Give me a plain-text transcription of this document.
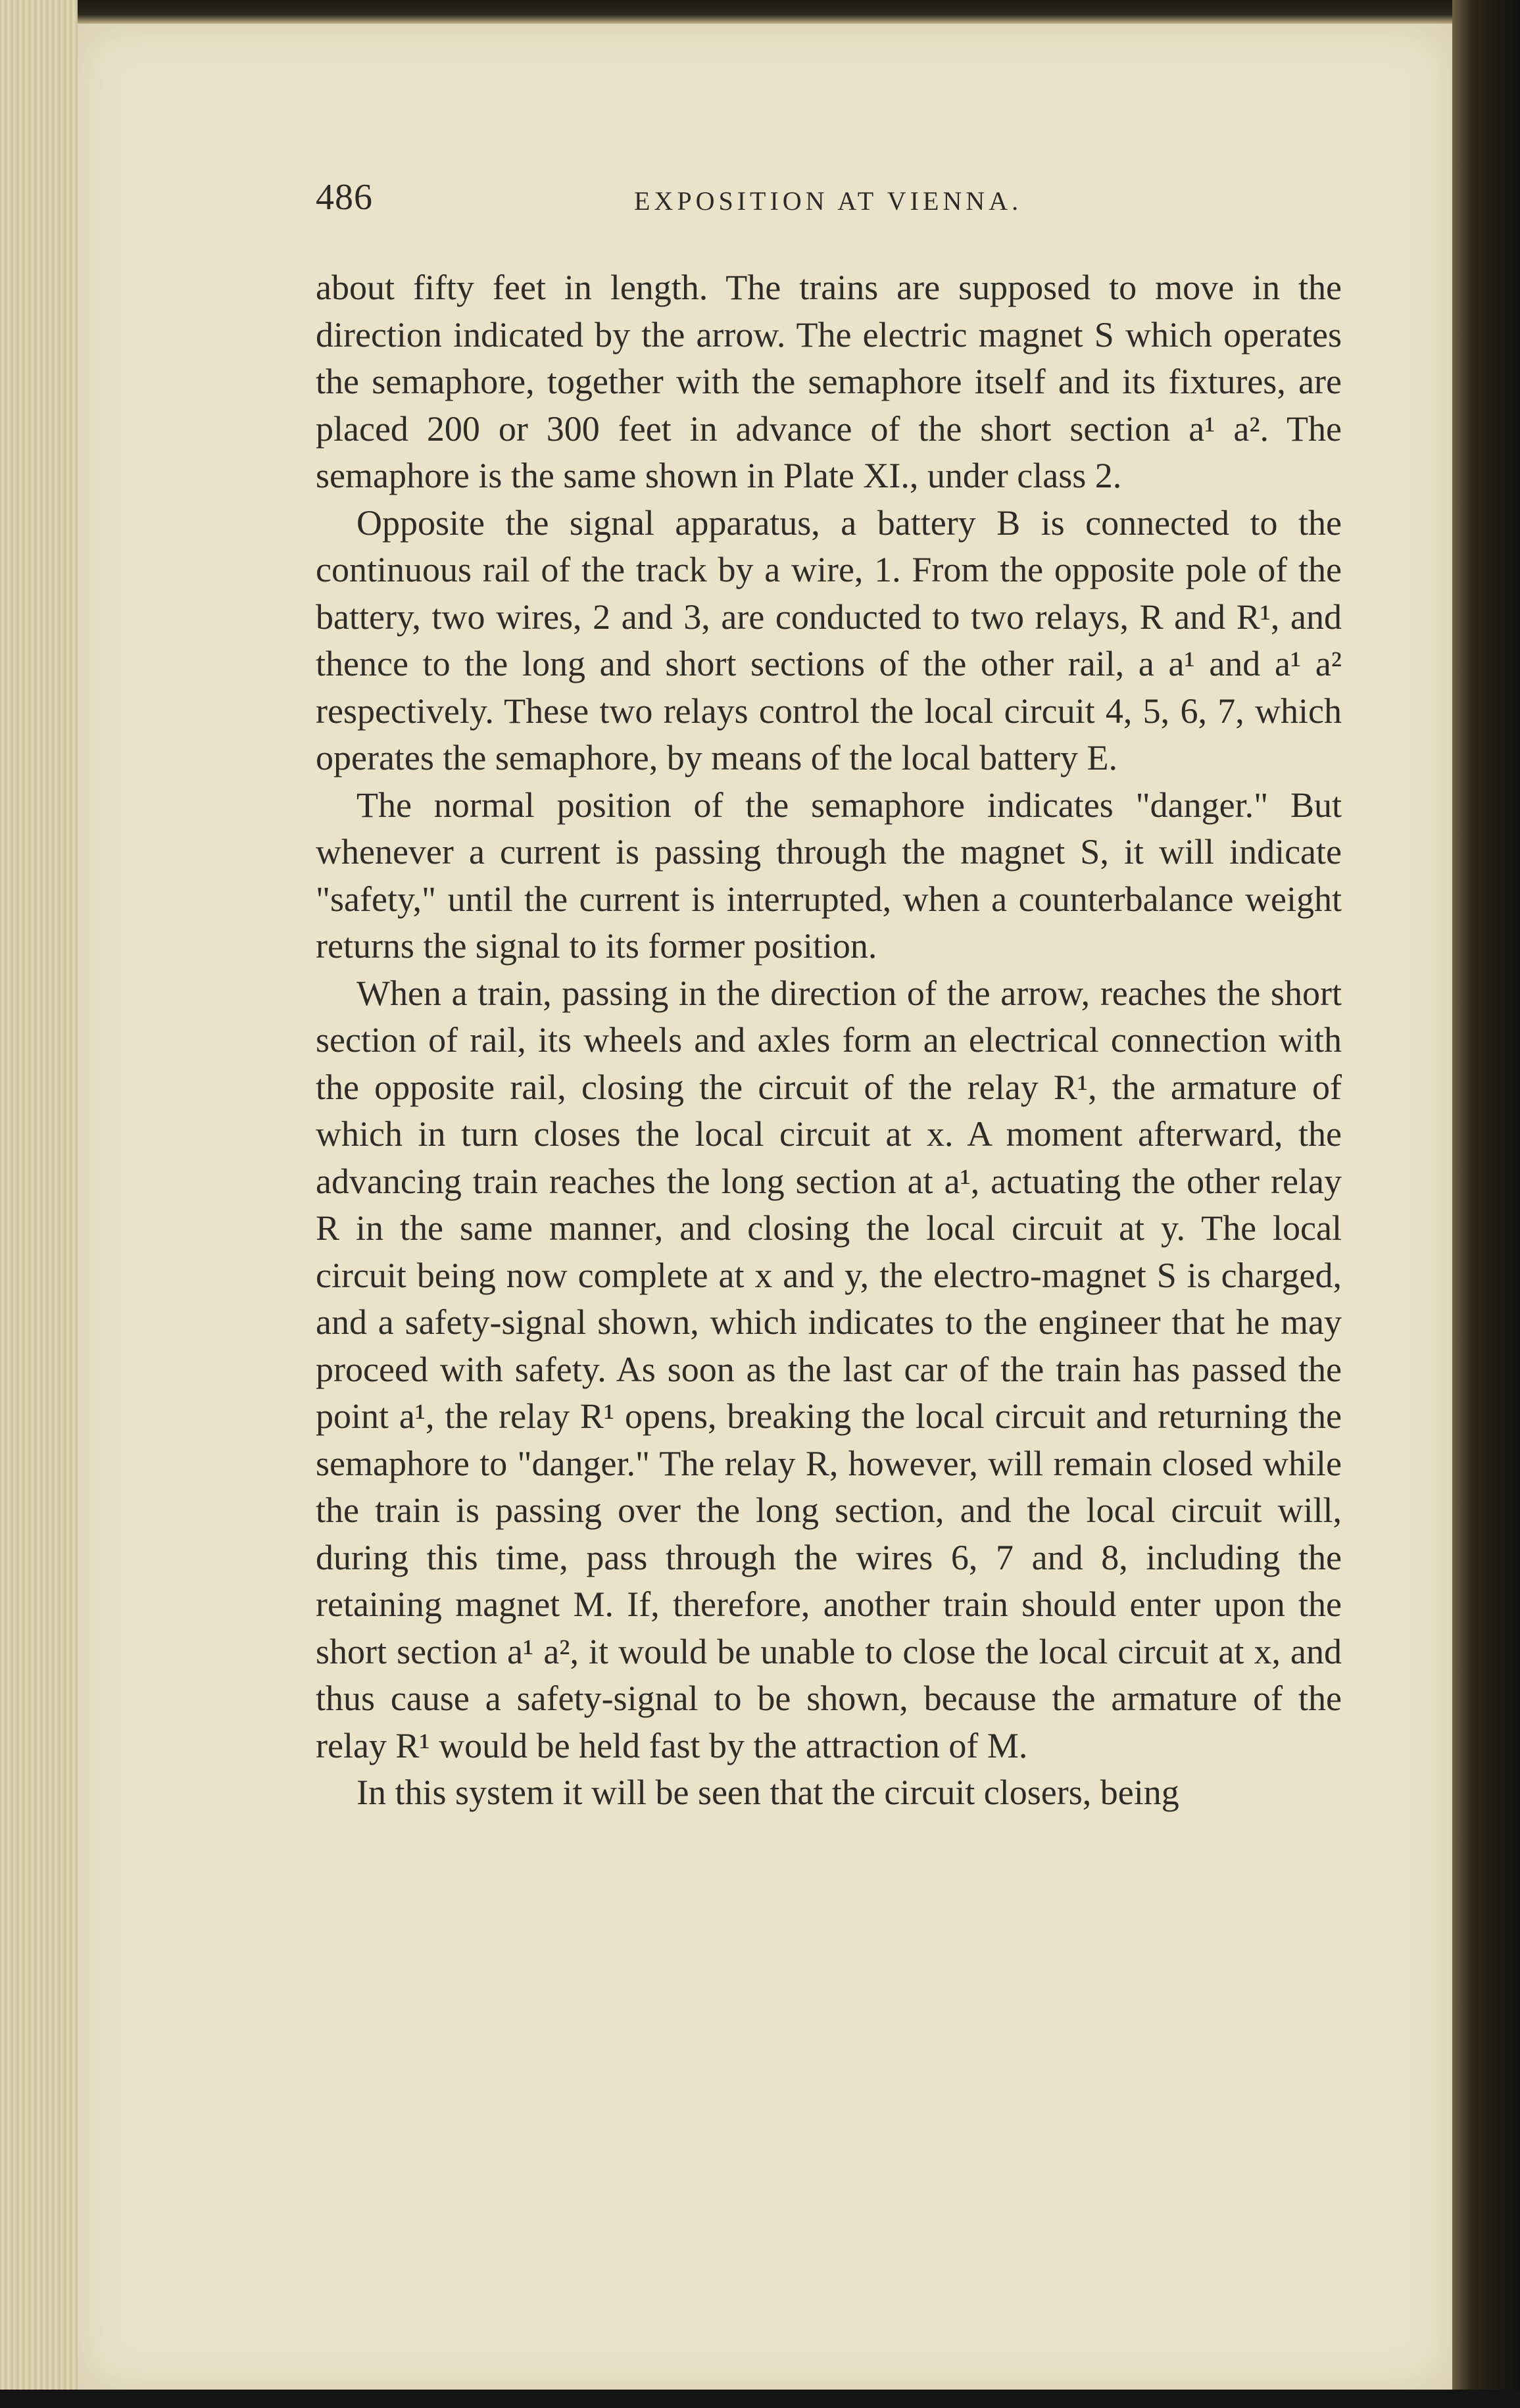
486	EXPOSITION AT VIENNA.

about fifty feet in length. The trains are supposed to move in the direction indicated by the arrow. The electric magnet S which operates the semaphore, together with the semaphore itself and its fixtures, are placed 200 or 300 feet in advance of the short section a¹ a². The semaphore is the same shown in Plate XI., under class 2.

Opposite the signal apparatus, a battery B is connected to the continuous rail of the track by a wire, 1. From the opposite pole of the battery, two wires, 2 and 3, are conducted to two relays, R and R¹, and thence to the long and short sections of the other rail, a a¹ and a¹ a² respectively. These two relays control the local circuit 4, 5, 6, 7, which operates the semaphore, by means of the local battery E.

The normal position of the semaphore indicates "danger." But whenever a current is passing through the magnet S, it will indicate "safety," until the current is interrupted, when a counterbalance weight returns the signal to its former position.

When a train, passing in the direction of the arrow, reaches the short section of rail, its wheels and axles form an electrical connection with the opposite rail, closing the circuit of the relay R¹, the armature of which in turn closes the local circuit at x. A moment afterward, the advancing train reaches the long section at a¹, actuating the other relay R in the same manner, and closing the local circuit at y. The local circuit being now complete at x and y, the electro-magnet S is charged, and a safety-signal shown, which indicates to the engineer that he may proceed with safety. As soon as the last car of the train has passed the point a¹, the relay R¹ opens, breaking the local circuit and returning the semaphore to "danger." The relay R, however, will remain closed while the train is passing over the long section, and the local circuit will, during this time, pass through the wires 6, 7 and 8, including the retaining magnet M. If, therefore, another train should enter upon the short section a¹ a², it would be unable to close the local circuit at x, and thus cause a safety-signal to be shown, because the armature of the relay R¹ would be held fast by the attraction of M.

In this system it will be seen that the circuit closers, being
